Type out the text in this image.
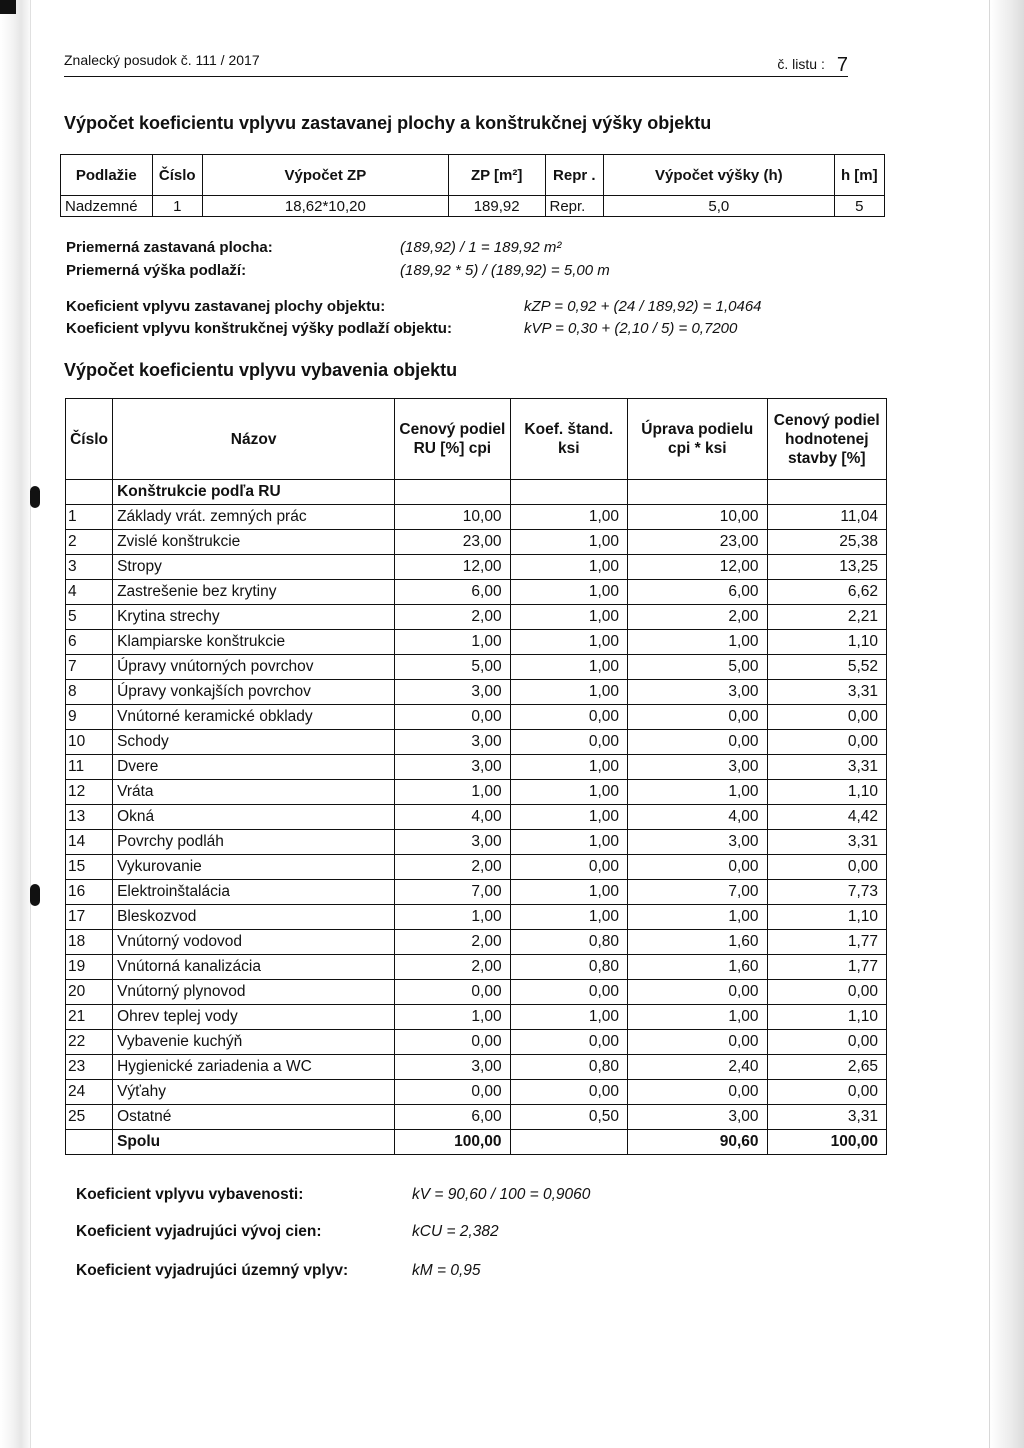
Znalecký posudok č. 111 / 2017	č. listu : 7
Výpočet koeficientu vplyvu zastavanej plochy a konštrukčnej výšky objektu
Podlažie	Číslo	Výpočet ZP	ZP [m²]	Repr .	Výpočet výšky (h)	h [m]
Nadzemné	1	18,62*10,20	189,92	Repr.	5,0	5
Priemerná zastavaná plocha:	(189,92) / 1 = 189,92 m²
Priemerná výška podlaží:	(189,92 * 5) / (189,92) = 5,00 m
Koeficient vplyvu zastavanej plochy objektu:	kZP = 0,92 + (24 / 189,92) = 1,0464
Koeficient vplyvu konštrukčnej výšky podlaží objektu:	kVP = 0,30 + (2,10 / 5) = 0,7200
Výpočet koeficientu vplyvu vybavenia objektu
Číslo	Názov	Cenový podiel RU [%] cpi	Koef. štand. ksi	Úprava podielu cpi * ksi	Cenový podiel hodnotenej stavby [%]
	Konštrukcie podľa RU				
1	Základy vrát. zemných prác	10,00	1,00	10,00	11,04
2	Zvislé konštrukcie	23,00	1,00	23,00	25,38
3	Stropy	12,00	1,00	12,00	13,25
4	Zastrešenie bez krytiny	6,00	1,00	6,00	6,62
5	Krytina strechy	2,00	1,00	2,00	2,21
6	Klampiarske konštrukcie	1,00	1,00	1,00	1,10
7	Úpravy vnútorných povrchov	5,00	1,00	5,00	5,52
8	Úpravy vonkajších povrchov	3,00	1,00	3,00	3,31
9	Vnútorné keramické obklady	0,00	0,00	0,00	0,00
10	Schody	3,00	0,00	0,00	0,00
11	Dvere	3,00	1,00	3,00	3,31
12	Vráta	1,00	1,00	1,00	1,10
13	Okná	4,00	1,00	4,00	4,42
14	Povrchy podláh	3,00	1,00	3,00	3,31
15	Vykurovanie	2,00	0,00	0,00	0,00
16	Elektroinštalácia	7,00	1,00	7,00	7,73
17	Bleskozvod	1,00	1,00	1,00	1,10
18	Vnútorný vodovod	2,00	0,80	1,60	1,77
19	Vnútorná kanalizácia	2,00	0,80	1,60	1,77
20	Vnútorný plynovod	0,00	0,00	0,00	0,00
21	Ohrev teplej vody	1,00	1,00	1,00	1,10
22	Vybavenie kuchýň	0,00	0,00	0,00	0,00
23	Hygienické zariadenia a WC	3,00	0,80	2,40	2,65
24	Výťahy	0,00	0,00	0,00	0,00
25	Ostatné	6,00	0,50	3,00	3,31
	Spolu	100,00		90,60	100,00
Koeficient vplyvu vybavenosti:	kV = 90,60 / 100 = 0,9060
Koeficient vyjadrujúci vývoj cien:	kCU = 2,382
Koeficient vyjadrujúci územný vplyv:	kM = 0,95
